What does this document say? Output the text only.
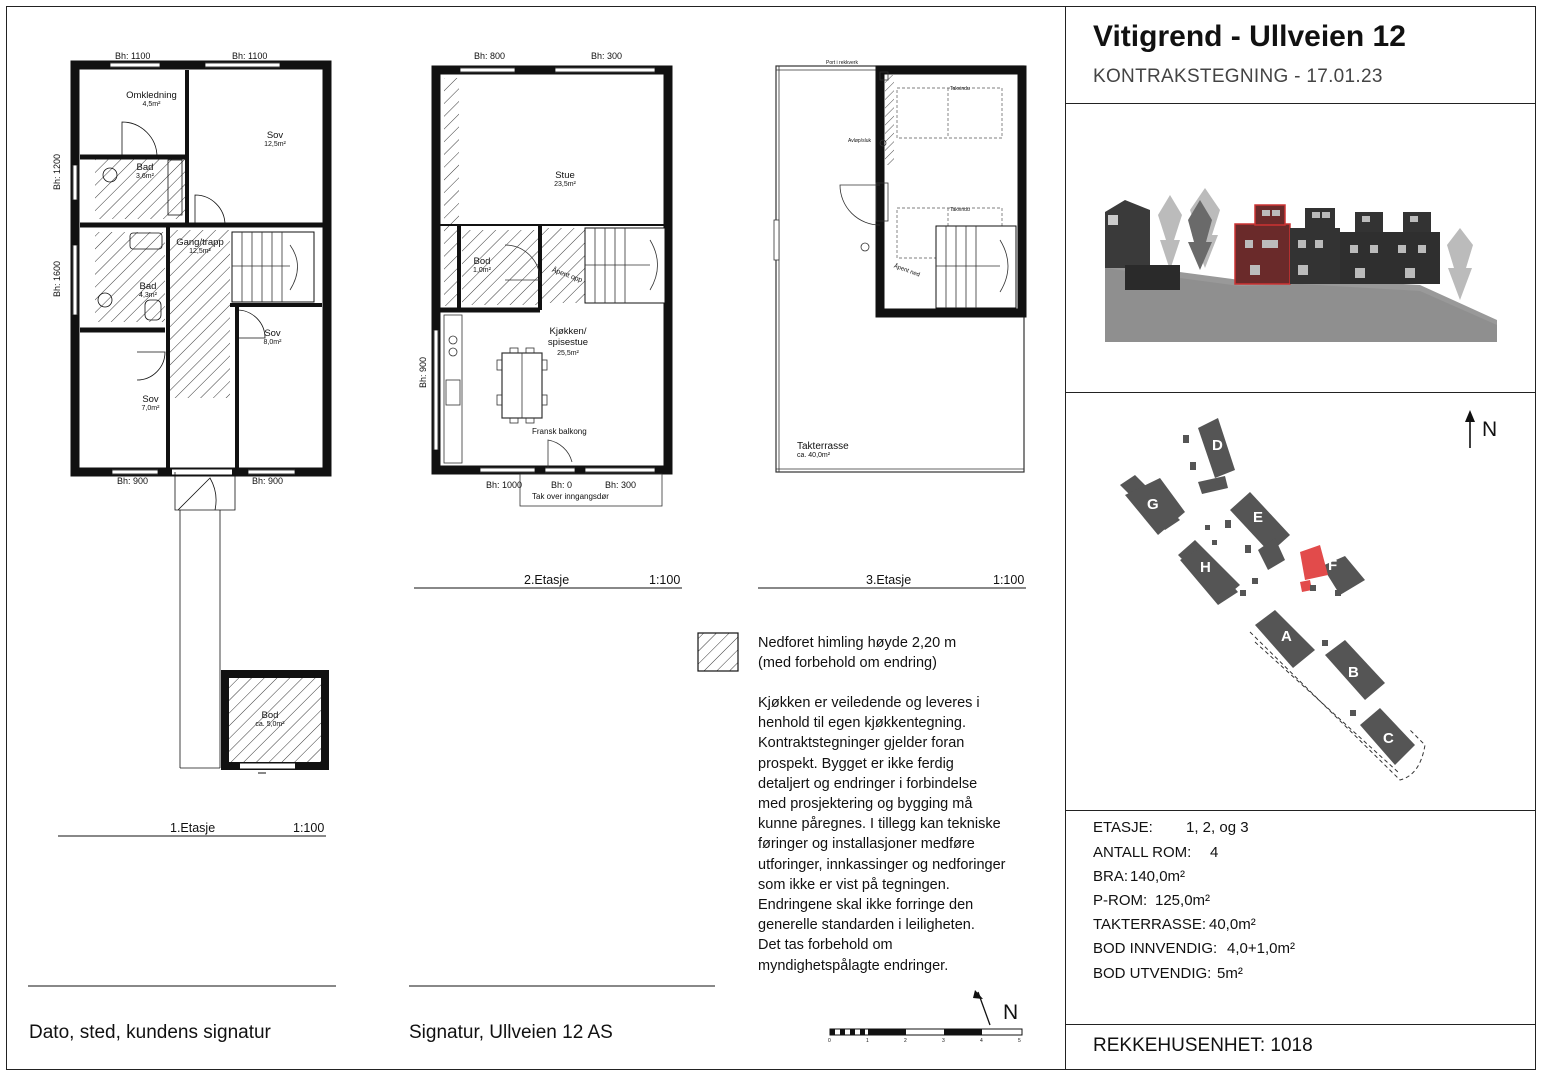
Vitigrend - Ullveien 12
KONTRAKSTEGNING - 17.01.23
Bh: 1100	Bh: 1100
Bh: 1200
Bh: 1600
Bh: 900	Bh: 900
Omkledning
4,5m²
Sov
12,5m²
Bad
3,6m²
Gang/trapp
12,5m²
Bad
4,3m²
Sov
8,0m²
Sov
7,0m²
Bod
ca. 5,0m²
1.Etasje	1:100
Bh: 800	Bh: 300
Bh: 900
Bh: 1000	Bh: 0	Bh: 300
Tak over inngangsdør
Fransk balkong
Åpent opp
Stue
23,5m²
Bod
1,0m²

Kjøkken/
spisestue
25,5m²

2.Etasje	1:100
Port i rekkverk
Takvindu
Takvindu
Avløp/sluk
Åpent ned
Takterrasse
ca. 40,0m²
3.Etasje	1:100
Nedforet himling høyde 2,20 m
(med forbehold om endring)
Kjøkken er veiledende og leveres i
henhold til egen kjøkkentegning.
Kontraktstegninger gjelder foran
prospekt. Bygget er ikke ferdig
detaljert og endringer i forbindelse
med prosjektering og bygging må
kunne påregnes. I tillegg kan tekniske
føringer og installasjoner medføre
utforinger, innkassinger og nedforinger
som ikke er vist på tegningen.
Endringene skal ikke forringe den
generelle standarden i leiligheten.
Det tas forbehold om
myndighetspålagte endringer.
Dato, sted, kundens signatur	Signatur, Ullveien 12 AS	0	1	2	3	4	5
N
D
G
E
F
H
A
B
C
N
ETASJE: 1, 2, og 3
ANTALL ROM: 4
BRA: 140,0m²
P-ROM: 125,0m²
TAKTERRASSE: 40,0m²
BOD INNVENDIG: 4,0+1,0m²
BOD UTVENDIG: 5m²
REKKEHUSENHET: 1018
